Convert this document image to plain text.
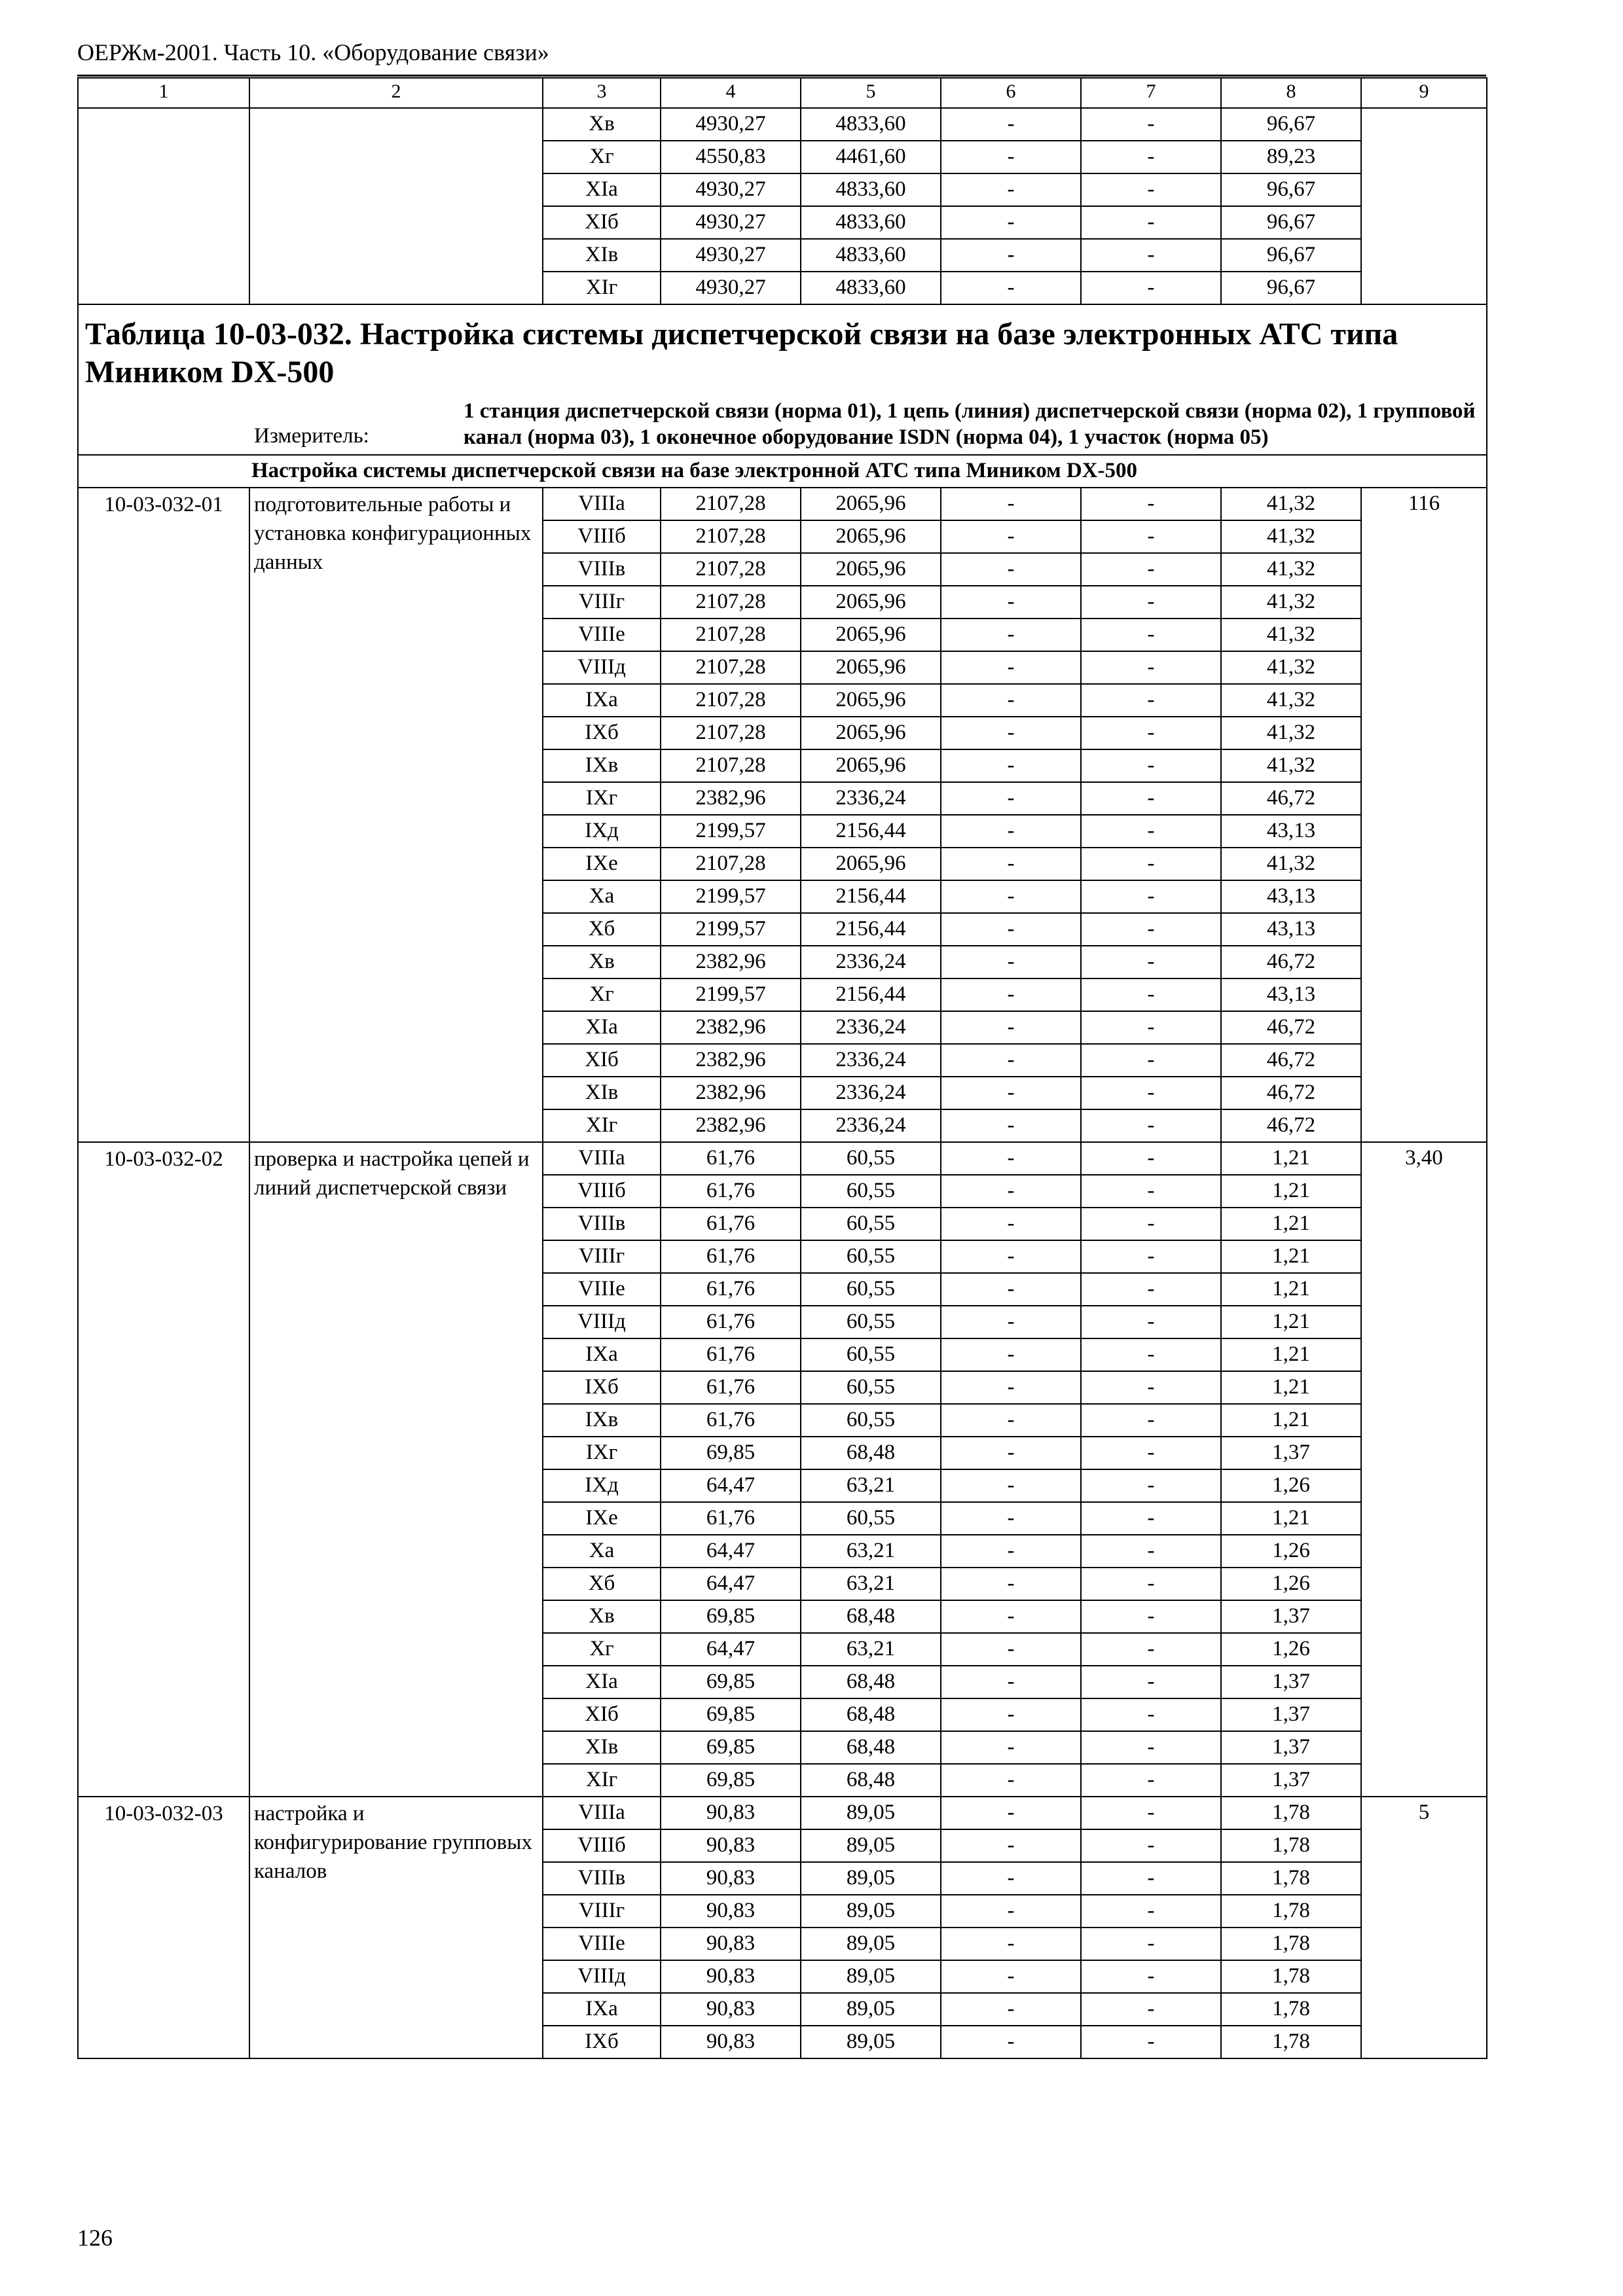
ОЕРЖм-2001. Часть 10. «Оборудование связи»
1	2	3	4	5	6	7	8	9
		Xв	4930,27	4833,60	-	-	96,67	
		Xг	4550,83	4461,60	-	-	89,23	
		XIа	4930,27	4833,60	-	-	96,67	
		XIб	4930,27	4833,60	-	-	96,67	
		XIв	4930,27	4833,60	-	-	96,67	
		XIг	4930,27	4833,60	-	-	96,67	

Таблица 10-03-032. Настройка системы диспетчерской связи на базе электронных АТС типа Миником DX-500
Измеритель:
1 станция диспетчерской связи (норма 01), 1 цепь (линия) диспетчерской связи (норма 02), 1 групповой канал (норма 03), 1 оконечное оборудование ISDN (норма 04), 1 участок (норма 05)								

Настройка системы диспетчерской связи на базе электронной АТС типа Миником DX-500								
10-03-032-01	подготовительные работы и установка конфигурационных данных	VIIIа	2107,28	2065,96	-	-	41,32	116
		VIIIб	2107,28	2065,96	-	-	41,32	
		VIIIв	2107,28	2065,96	-	-	41,32	
		VIIIг	2107,28	2065,96	-	-	41,32	
		VIIIе	2107,28	2065,96	-	-	41,32	
		VIIIд	2107,28	2065,96	-	-	41,32	
		IXа	2107,28	2065,96	-	-	41,32	
		IXб	2107,28	2065,96	-	-	41,32	
		IXв	2107,28	2065,96	-	-	41,32	
		IXг	2382,96	2336,24	-	-	46,72	
		IXд	2199,57	2156,44	-	-	43,13	
		IXе	2107,28	2065,96	-	-	41,32	
		Xа	2199,57	2156,44	-	-	43,13	
		Xб	2199,57	2156,44	-	-	43,13	
		Xв	2382,96	2336,24	-	-	46,72	
		Xг	2199,57	2156,44	-	-	43,13	
		XIа	2382,96	2336,24	-	-	46,72	
		XIб	2382,96	2336,24	-	-	46,72	
		XIв	2382,96	2336,24	-	-	46,72	
		XIг	2382,96	2336,24	-	-	46,72	
10-03-032-02	проверка и настройка цепей и линий диспетчерской связи	VIIIа	61,76	60,55	-	-	1,21	3,40
		VIIIб	61,76	60,55	-	-	1,21	
		VIIIв	61,76	60,55	-	-	1,21	
		VIIIг	61,76	60,55	-	-	1,21	
		VIIIе	61,76	60,55	-	-	1,21	
		VIIIд	61,76	60,55	-	-	1,21	
		IXа	61,76	60,55	-	-	1,21	
		IXб	61,76	60,55	-	-	1,21	
		IXв	61,76	60,55	-	-	1,21	
		IXг	69,85	68,48	-	-	1,37	
		IXд	64,47	63,21	-	-	1,26	
		IXе	61,76	60,55	-	-	1,21	
		Xа	64,47	63,21	-	-	1,26	
		Xб	64,47	63,21	-	-	1,26	
		Xв	69,85	68,48	-	-	1,37	
		Xг	64,47	63,21	-	-	1,26	
		XIа	69,85	68,48	-	-	1,37	
		XIб	69,85	68,48	-	-	1,37	
		XIв	69,85	68,48	-	-	1,37	
		XIг	69,85	68,48	-	-	1,37	
10-03-032-03	настройка и конфигурирование групповых каналов	VIIIа	90,83	89,05	-	-	1,78	5
		VIIIб	90,83	89,05	-	-	1,78	
		VIIIв	90,83	89,05	-	-	1,78	
		VIIIг	90,83	89,05	-	-	1,78	
		VIIIе	90,83	89,05	-	-	1,78	
		VIIIд	90,83	89,05	-	-	1,78	
		IXа	90,83	89,05	-	-	1,78	
		IXб	90,83	89,05	-	-	1,78	
126
